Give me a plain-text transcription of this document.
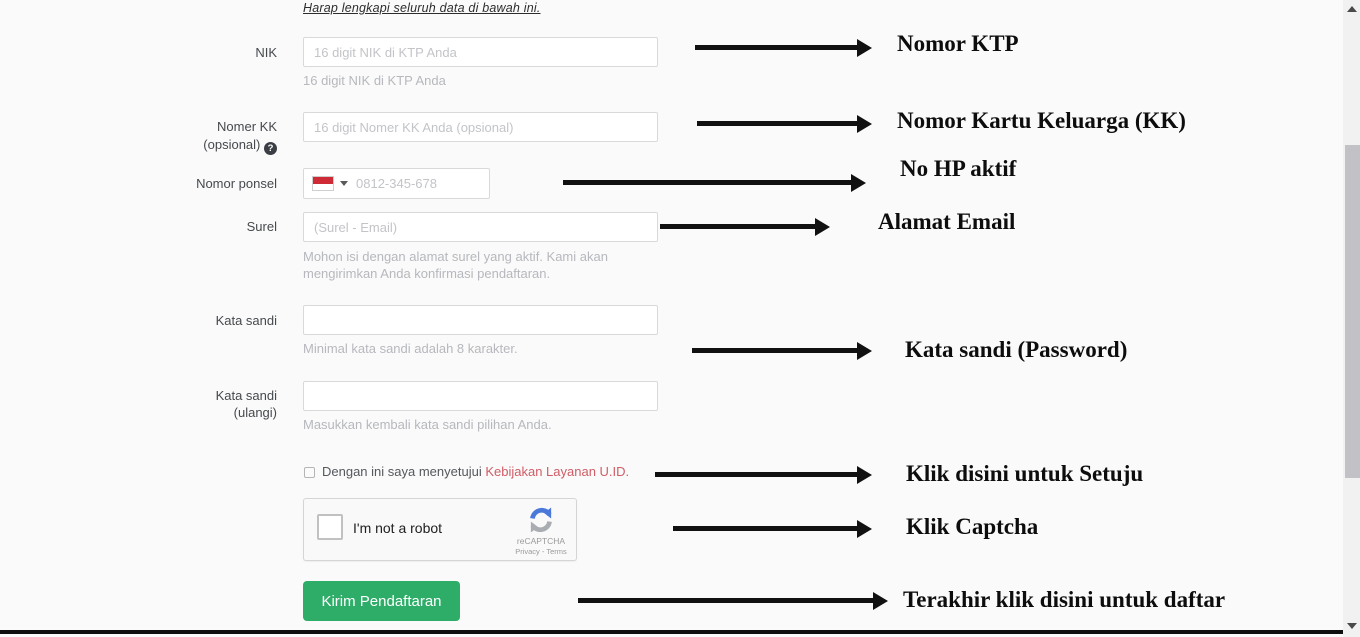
Harap lengkapi seluruh data di bawah ini.
NIK
16 digit NIK di KTP Anda
16 digit NIK di KTP Anda
Nomer KK
(opsional) ?
16 digit Nomer KK Anda (opsional)
Nomor ponsel
0812-345-678
Surel
(Surel - Email)
Mohon isi dengan alamat surel yang aktif. Kami akan mengirimkan Anda konfirmasi pendaftaran.
Kata sandi
Minimal kata sandi adalah 8 karakter.
Kata sandi
(ulangi)
Masukkan kembali kata sandi pilihan Anda.
Dengan ini saya menyetujui Kebijakan Layanan U.ID.
I'm not a robot
reCAPTCHA
Privacy - Terms
Kirim Pendaftaran
Nomor KTP
Nomor Kartu Keluarga (KK)
No HP aktif
Alamat Email
Kata sandi (Password)
Klik disini untuk Setuju
Klik Captcha
Terakhir klik disini untuk daftar
